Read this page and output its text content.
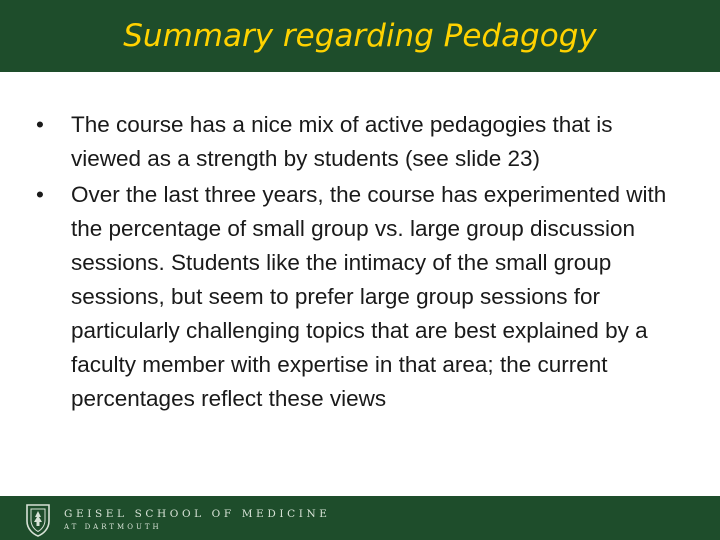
Summary regarding Pedagogy
• The course has a nice mix of active pedagogies that is viewed as a strength by students (see slide 23)
• Over the last three years, the course has experimented with the percentage of small group vs. large group discussion sessions. Students like the intimacy of the small group sessions, but seem to prefer large group sessions for particularly challenging topics that are best explained by a faculty member with expertise in that area; the current percentages reflect these views
GEISEL SCHOOL OF MEDICINE
AT DARTMOUTH
